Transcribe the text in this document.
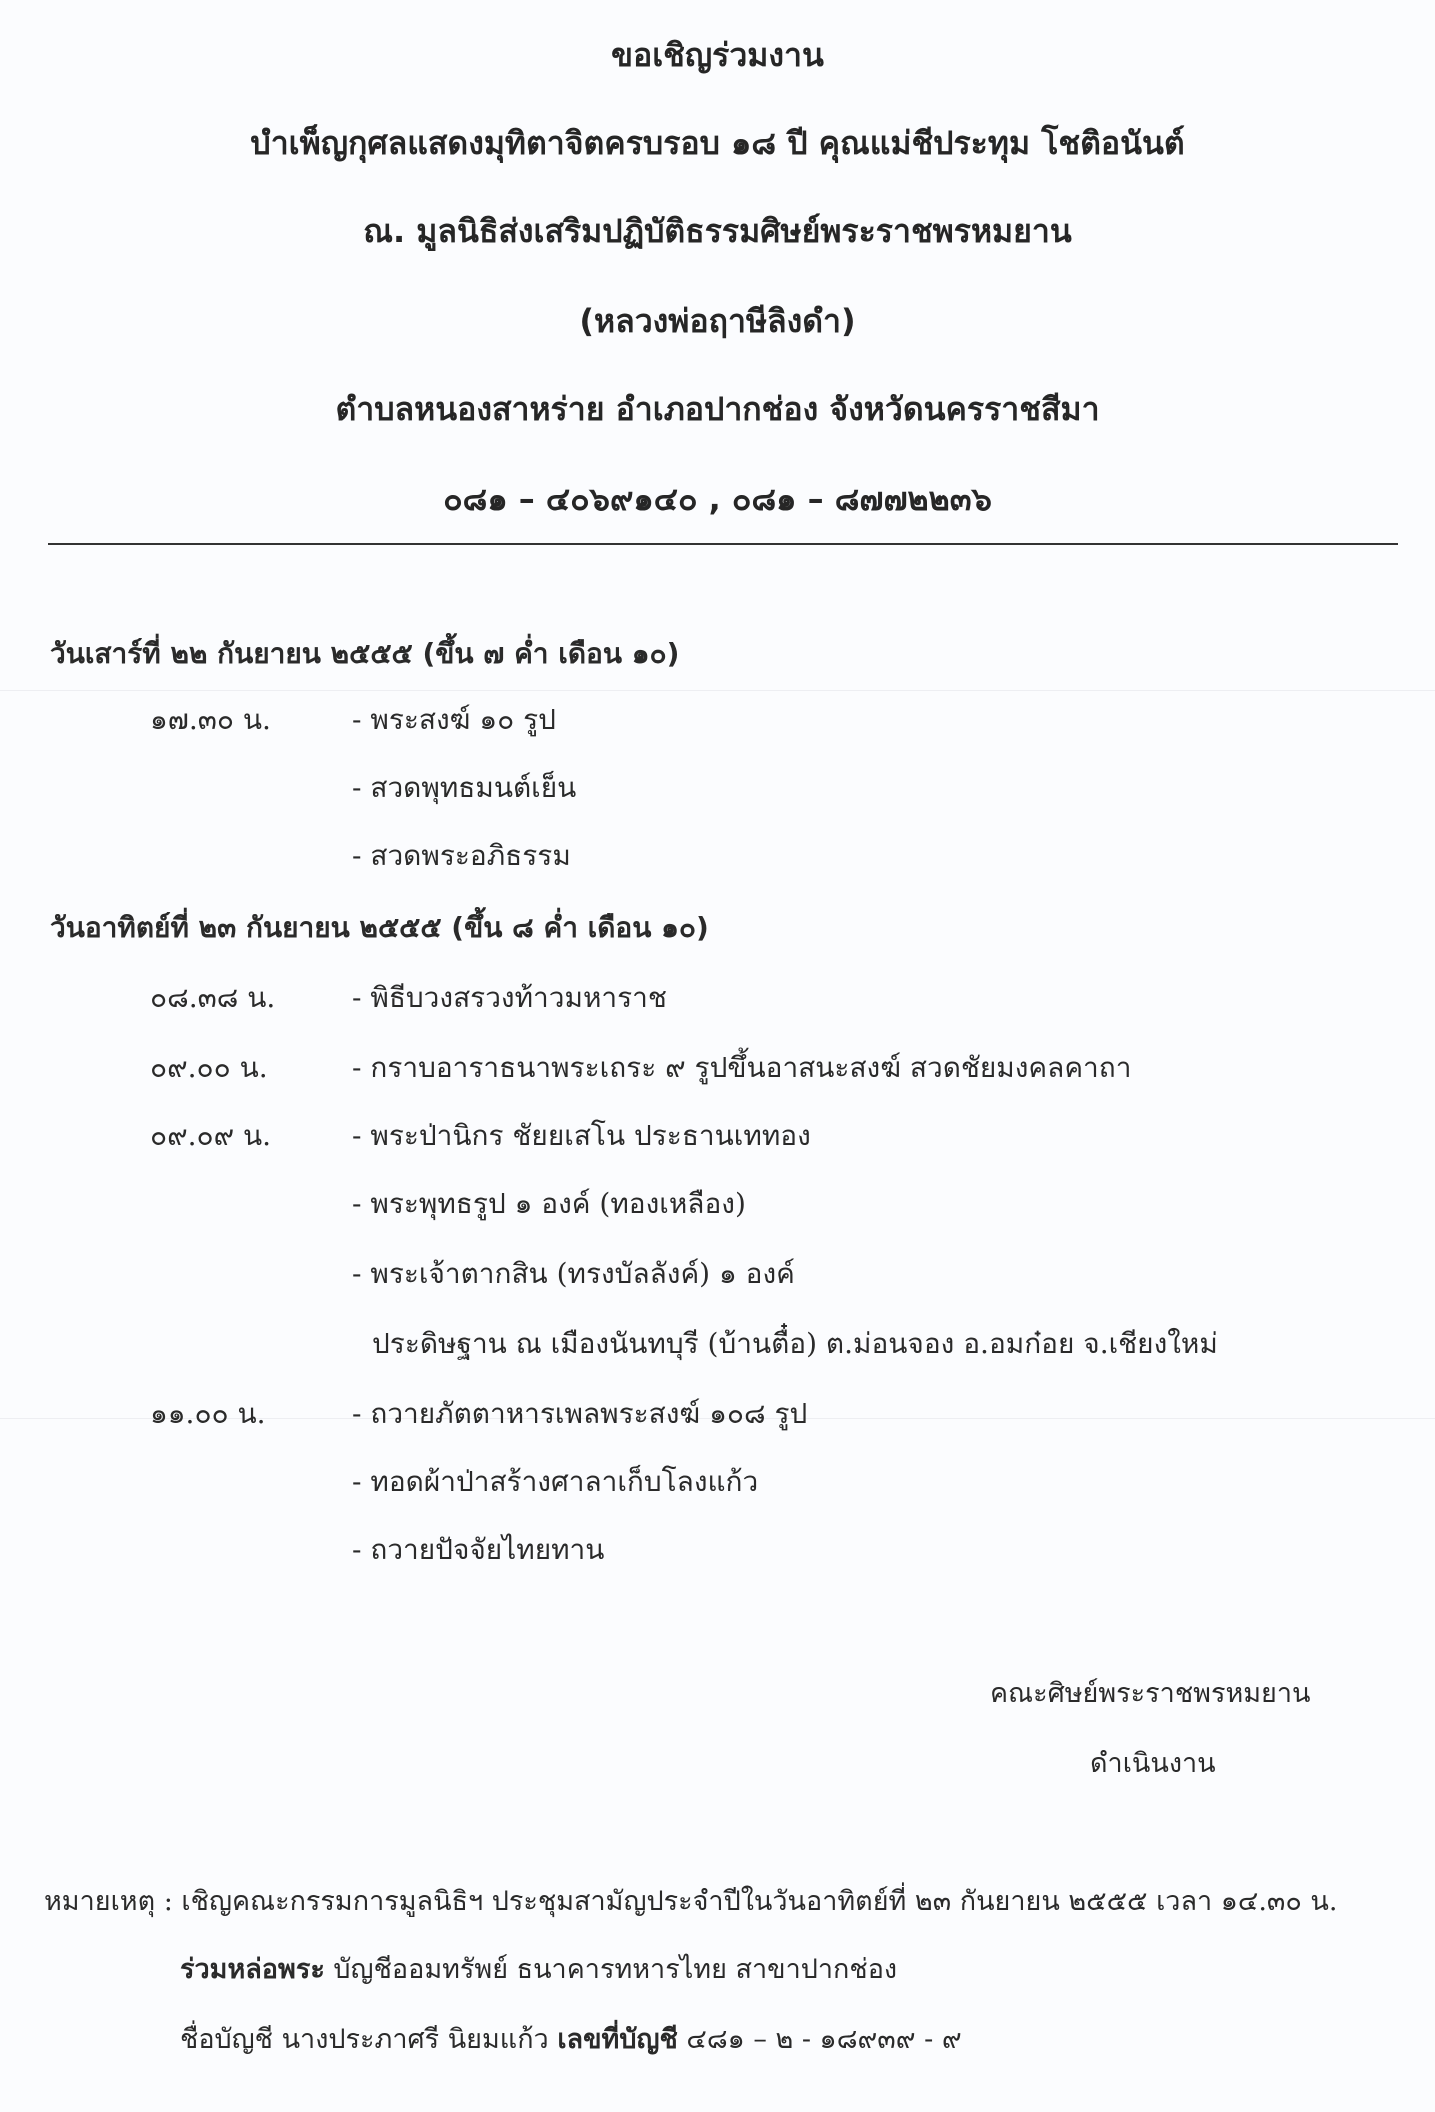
ขอเชิญร่วมงาน
บำเพ็ญกุศลแสดงมุทิตาจิตครบรอบ ๑๘ ปี คุณแม่ชีประทุม โชติอนันต์
ณ. มูลนิธิส่งเสริมปฏิบัติธรรมศิษย์พระราชพรหมยาน
(หลวงพ่อฤาษีลิงดำ)
ตำบลหนองสาหร่าย อำเภอปากช่อง จังหวัดนครราชสีมา
๐๘๑ – ๔๐๖๙๑๔๐ , ๐๘๑ – ๘๗๗๒๒๓๖
วันเสาร์ที่ ๒๒ กันยายน ๒๕๕๕ (ขึ้น ๗ ค่ำ เดือน ๑๐)
๑๗.๓๐ น.	- พระสงฆ์ ๑๐ รูป
- สวดพุทธมนต์เย็น
- สวดพระอภิธรรม
วันอาทิตย์ที่ ๒๓ กันยายน ๒๕๕๕ (ขึ้น ๘ ค่ำ เดือน ๑๐)
๐๘.๓๘ น.	- พิธีบวงสรวงท้าวมหาราช
๐๙.๐๐ น.	- กราบอาราธนาพระเถระ ๙ รูปขึ้นอาสนะสงฆ์ สวดชัยมงคลคาถา
๐๙.๐๙ น.	- พระป่านิกร ชัยยเสโน ประธานเททอง
- พระพุทธรูป ๑ องค์ (ทองเหลือง)
- พระเจ้าตากสิน (ทรงบัลลังค์) ๑ องค์
ประดิษฐาน ณ เมืองนันทบุรี (บ้านตื๋อ) ต.ม่อนจอง อ.อมก๋อย จ.เชียงใหม่
๑๑.๐๐ น.	- ถวายภัตตาหารเพลพระสงฆ์ ๑๐๘ รูป
- ทอดผ้าป่าสร้างศาลาเก็บโลงแก้ว
- ถวายปัจจัยไทยทาน
คณะศิษย์พระราชพรหมยาน
ดำเนินงาน
หมายเหตุ : เชิญคณะกรรมการมูลนิธิฯ ประชุมสามัญประจำปีในวันอาทิตย์ที่ ๒๓ กันยายน ๒๕๕๕ เวลา ๑๔.๓๐ น.
ร่วมหล่อพระ บัญชีออมทรัพย์ ธนาคารทหารไทย สาขาปากช่อง
ชื่อบัญชี นางประภาศรี นิยมแก้ว เลขที่บัญชี ๔๘๑ – ๒ - ๑๘๙๓๙ - ๙
